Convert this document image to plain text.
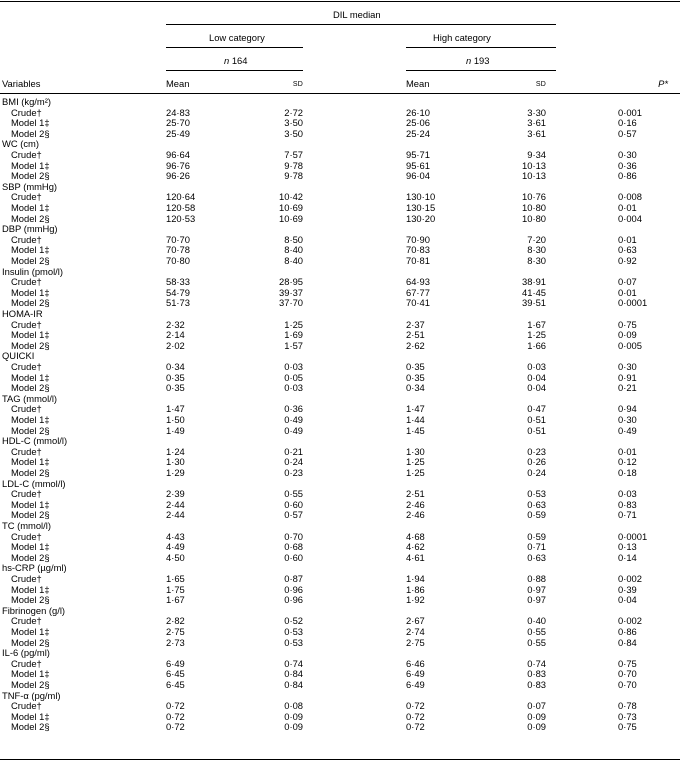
DIL median
Low category	High category
n 164	n 193
Variables	Mean	SD	Mean	SD	P*
BMI (kg/m²)
Crude†	24·83	2·72	26·10	3·30	0·001
Model 1‡	25·70	3·50	25·06	3·61	0·16
Model 2§	25·49	3·50	25·24	3·61	0·57
WC (cm)
Crude†	96·64	7·57	95·71	9·34	0·30
Model 1‡	96·76	9·78	95·61	10·13	0·36
Model 2§	96·26	9·78	96·04	10·13	0·86
SBP (mmHg)
Crude†	120·64	10·42	130·10	10·76	0·008
Model 1‡	120·58	10·69	130·15	10·80	0·01
Model 2§	120·53	10·69	130·20	10·80	0·004
DBP (mmHg)
Crude†	70·70	8·50	70·90	7·20	0·01
Model 1‡	70·78	8·40	70·83	8·30	0·63
Model 2§	70·80	8·40	70·81	8·30	0·92
Insulin (pmol/l)
Crude†	58·33	28·95	64·93	38·91	0·07
Model 1‡	54·79	39·37	67·77	41·45	0·01
Model 2§	51·73	37·70	70·41	39·51	0·0001
HOMA-IR
Crude†	2·32	1·25	2·37	1·67	0·75
Model 1‡	2·14	1·69	2·51	1·25	0·09
Model 2§	2·02	1·57	2·62	1·66	0·005
QUICKI
Crude†	0·34	0·03	0·35	0·03	0·30
Model 1‡	0·35	0·05	0·35	0·04	0·91
Model 2§	0·35	0·03	0·34	0·04	0·21
TAG (mmol/l)
Crude†	1·47	0·36	1·47	0·47	0·94
Model 1‡	1·50	0·49	1·44	0·51	0·30
Model 2§	1·49	0·49	1·45	0·51	0·49
HDL-C (mmol/l)
Crude†	1·24	0·21	1·30	0·23	0·01
Model 1‡	1·30	0·24	1·25	0·26	0·12
Model 2§	1·29	0·23	1·25	0·24	0·18
LDL-C (mmol/l)
Crude†	2·39	0·55	2·51	0·53	0·03
Model 1‡	2·44	0·60	2·46	0·63	0·83
Model 2§	2·44	0·57	2·46	0·59	0·71
TC (mmol/l)
Crude†	4·43	0·70	4·68	0·59	0·0001
Model 1‡	4·49	0·68	4·62	0·71	0·13
Model 2§	4·50	0·60	4·61	0·63	0·14
hs-CRP (µg/ml)
Crude†	1·65	0·87	1·94	0·88	0·002
Model 1‡	1·75	0·96	1·86	0·97	0·39
Model 2§	1·67	0·96	1·92	0·97	0·04
Fibrinogen (g/l)
Crude†	2·82	0·52	2·67	0·40	0·002
Model 1‡	2·75	0·53	2·74	0·55	0·86
Model 2§	2·73	0·53	2·75	0·55	0·84
IL-6 (pg/ml)
Crude†	6·49	0·74	6·46	0·74	0·75
Model 1‡	6·45	0·84	6·49	0·83	0·70
Model 2§	6·45	0·84	6·49	0·83	0·70
TNF-α (pg/ml)
Crude†	0·72	0·08	0·72	0·07	0·78
Model 1‡	0·72	0·09	0·72	0·09	0·73
Model 2§	0·72	0·09	0·72	0·09	0·75
